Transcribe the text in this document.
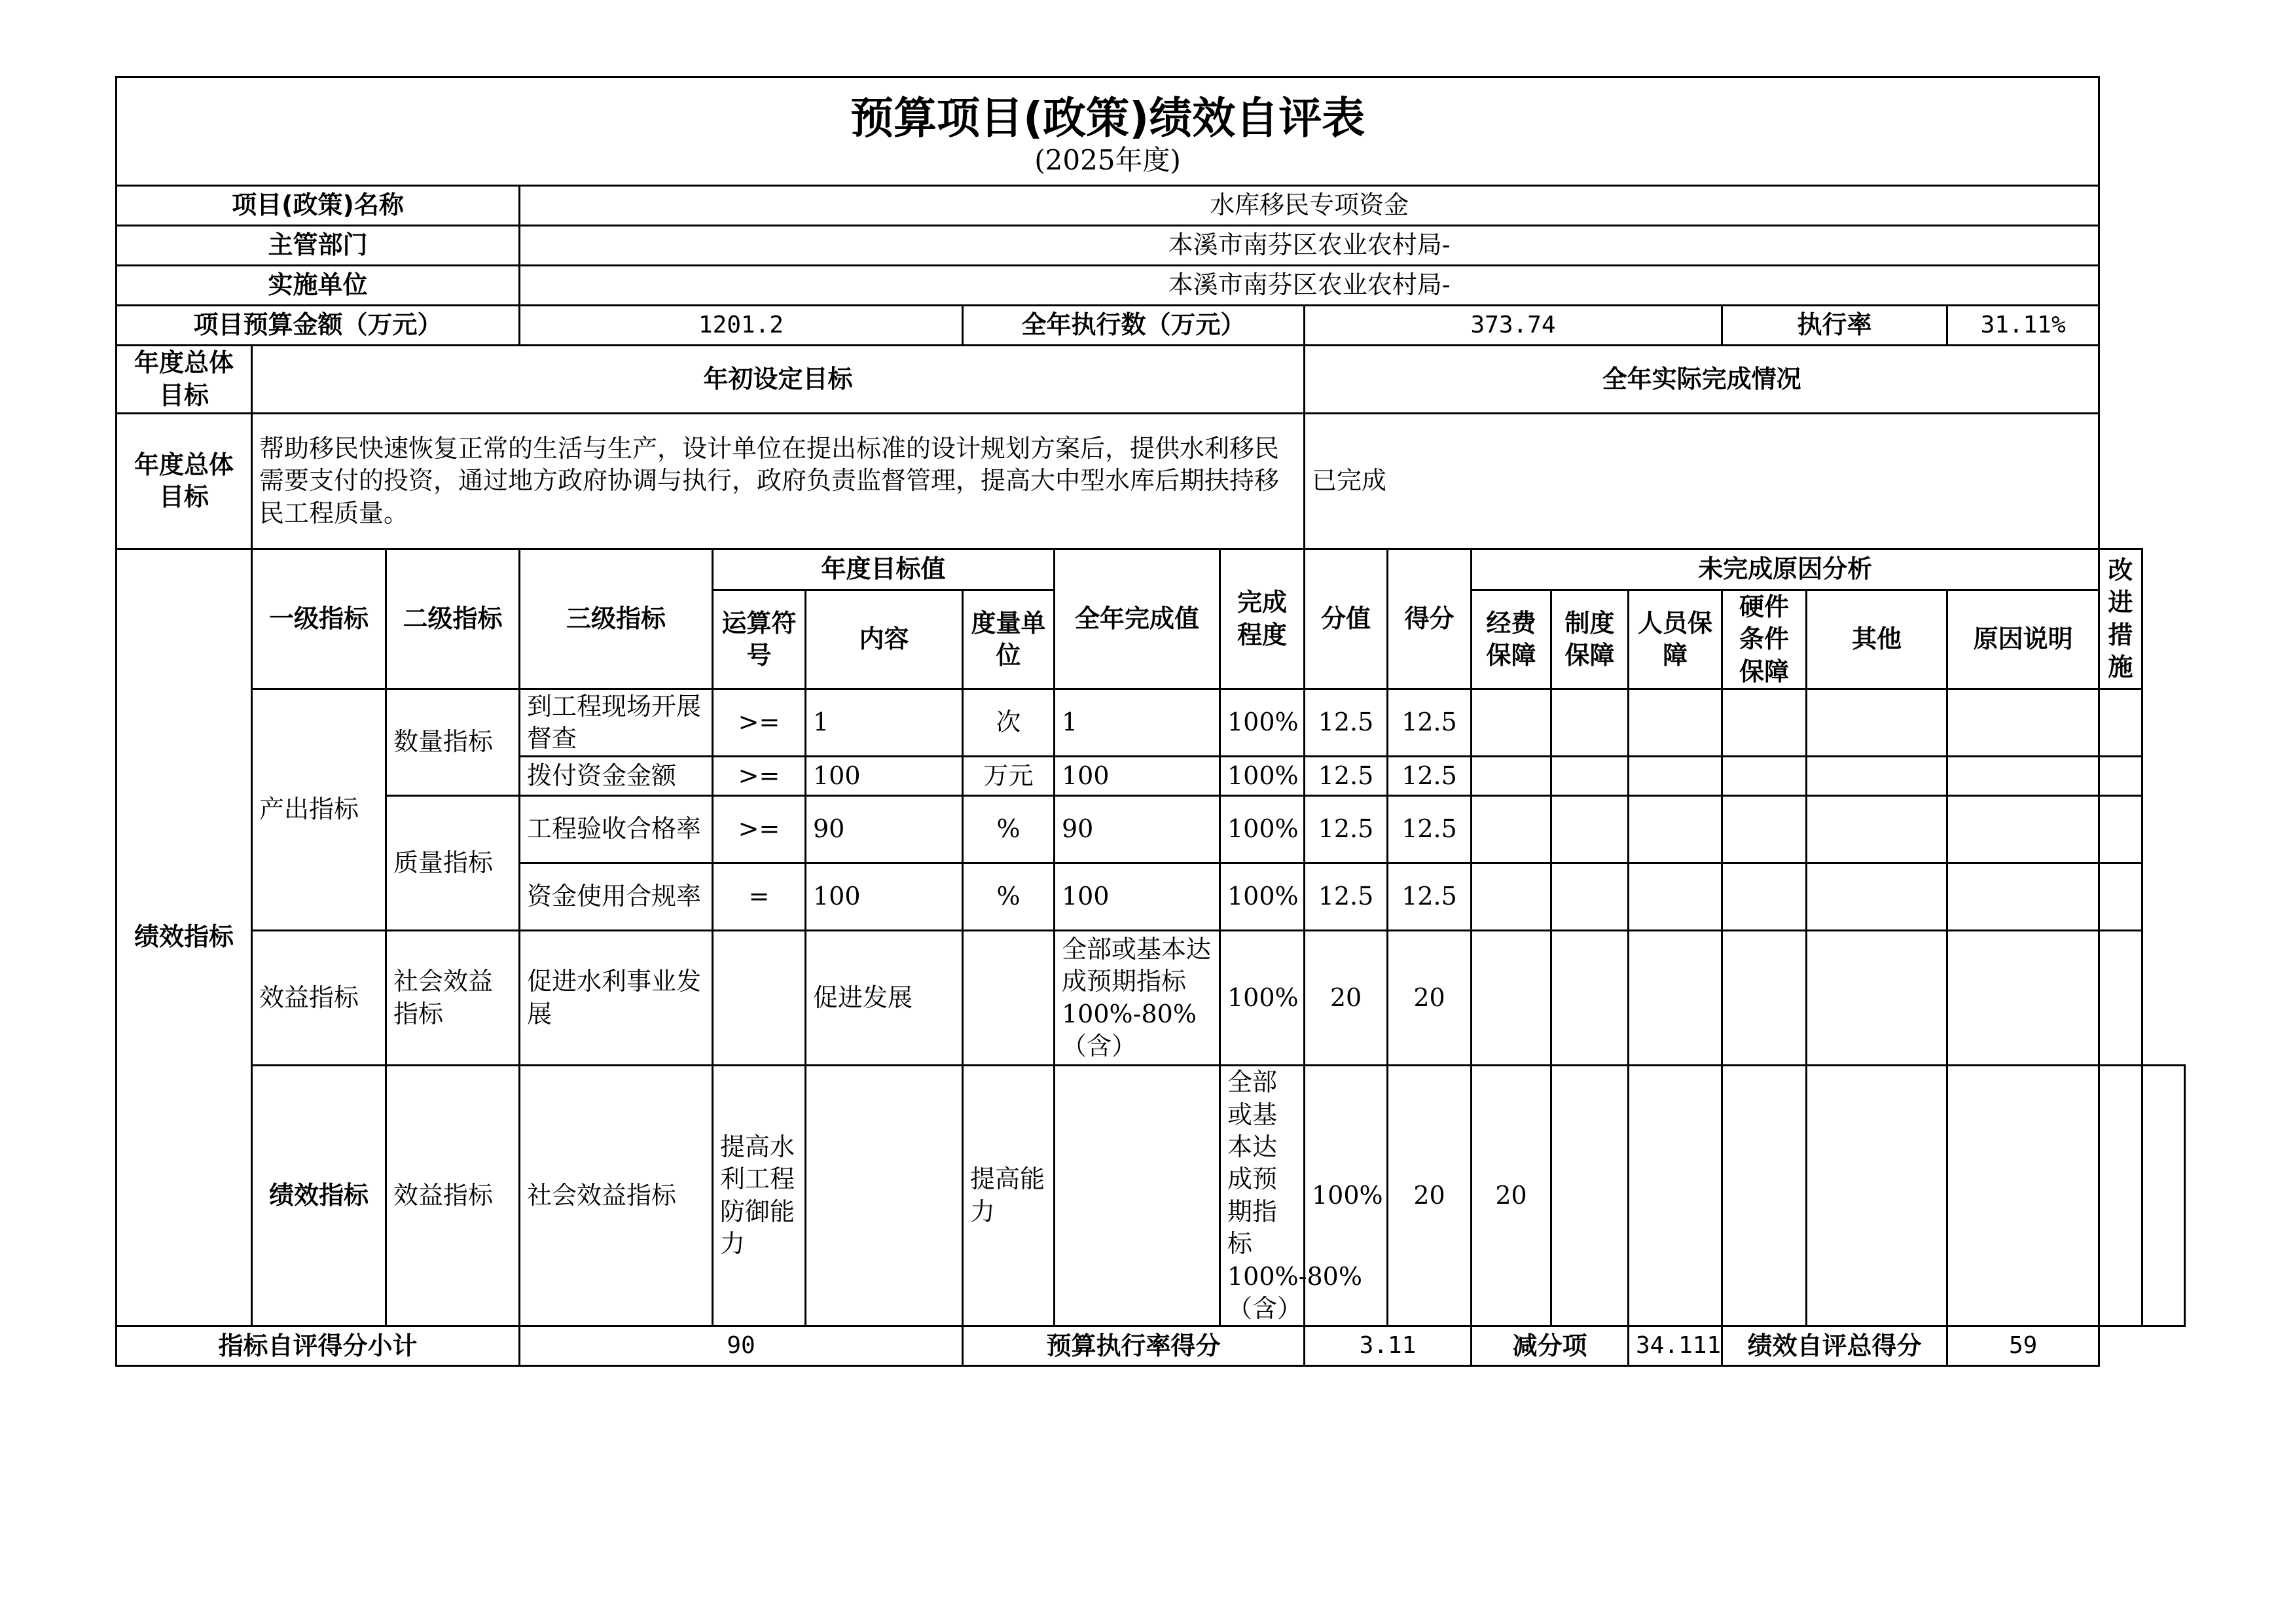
预算项目(政策)绩效自评表
(2025年度)																		

项目(政策)名称			水库移民专项资金															
主管部门			本溪市南芬区农业农村局-															
实施单位			本溪市南芬区农业农村局-															
项目预算金额（万元）			1201.2			全年执行数（万元）			373.74					执行率		31.11%		
年度总体目标	年初设定目标								全年实际完成情况									
年度总体目标	帮助移民快速恢复正常的生活与生产，设计单位在提出标准的设计规划方案后，提供水利移民需要支付的投资，通过地方政府协调与执行，政府负责监督管理，提高大中型水库后期扶持移民工程质量。								已完成									
绩效指标	一级指标	二级指标	三级指标	年度目标值			全年完成值	完成程度	分值	得分	未完成原因分析						改进措施	
				运算符号	内容	度量单位					经费保障	制度保障	人员保障	硬件条件保障	其他	原因说明		
	产出指标	数量指标	到工程现场开展督查	>=	1	次	1	100%	12.5	12.5								
			拨付资金金额	>=	100	万元	100	100%	12.5	12.5								
		质量指标	工程验收合格率	>=	90	%	90	100%	12.5	12.5								
			资金使用合规率	=	100	%	100	100%	12.5	12.5								
	效益指标	社会效益指标	促进水利事业发展		促进发展		全部或基本达成预期指标100%-80%（含）	100%	20	20								
	绩效指标	效益指标	社会效益指标	提高水利工程防御能力		提高能力		全部或基本达成预期指标100%-80%（含）	100%	20	20							
指标自评得分小计			90			预算执行率得分			3.11		减分项		34.111	绩效自评总得分		59		
